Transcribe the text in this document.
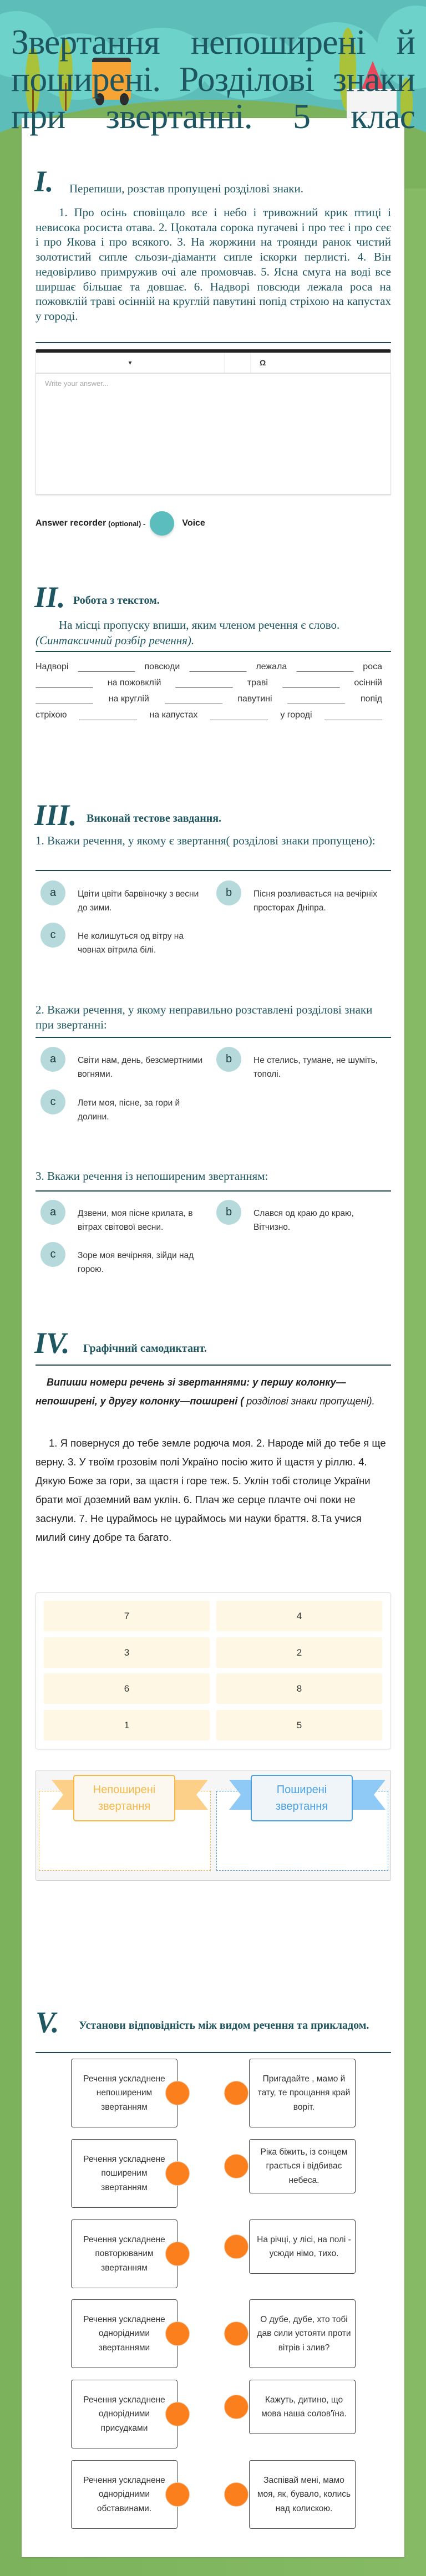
Звертання непоширені й поширені. Розділові знаки при звертанні. 5 клас
I. Перепиши, розстав пропущені розділові знаки.
1. Про осінь сповіщало все і небо і тривожний крик птиці і невисока росиста отава. 2. Цокотала сорока пугачеві і про теє і про сеє і про Якова і про всякого. 3. На жоржини на троянди ранок чистий золотистий сипле сльози-діаманти сипле іскорки перлисті. 4. Він недовірливо примружив очі але промовчав. 5. Ясна смуга на воді все ширшає більшає та довшає. 6. Надворі повсюди лежала роса на пожовклій траві осінній на круглій павутині попід стріхою на капустах у городі.
▾	Ω
Write your answer...
Answer recorder (optional) -	Voice
II. Робота з текстом.
На місці пропуску впиши, яким членом речення є слово. (Синтаксичний розбір речення).
Надворі	повсюди	лежала	роса
на пожовклій	траві	осінній
на круглій	павутині	попід
стріхою	на капустах	у городі
III. Виконай тестове завдання.
1. Вкажи речення, у якому є звертання( розділові знаки пропущено):
a	Цвіти цвіти барвіночку з весни до зими.
b	Пісня розливається на вечірніх просторах Дніпра.
c	Не колишуться од вітру на човнах вітрила білі.
2. Вкажи речення, у якому неправильно розставлені розділові знаки при звертанні:
a	Світи нам, день, безсмертними вогнями.
b	Не стелись, тумане, не шуміть, тополі.
c	Лети моя, пісне, за гори й долини.
3. Вкажи речення із непоширеним звертанням:
a	Дзвени, моя пісне крилата, в вітрах світової весни.
b	Слався од краю до краю, Вітчизно.
c	Зоре моя вечірняя, зійди над горою.
IV. Графічний самодиктант.
Випиши номери речень зі звертаннями: у першу колонку—непоширені, у другу колонку—поширені ( розділові знаки пропущені).
1. Я повернуся до тебе земле родюча моя. 2. Народе мій до тебе я ще верну. 3. У твоїм грозовім полі Україно посію жито й щастя у ріллю. 4. Дякую Боже за гори, за щастя і горе теж. 5. Уклін тобі столице України брати мої доземний вам уклін. 6. Плач же серце плачте очі поки не заснули. 7. Не цураймось не цураймось ми науки браття. 8.Та учися милий сину добре та багато.
7	4
3	2
6	8
1	5
Непоширені звертання
Поширені звертання
V.	Установи відповідність між видом речення та прикладом.
Речення ускладнене непоширеним звертанням
Пригадайте , мамо й тату, те прощання край воріт.
Речення ускладнене поширеним звертанням
Ріка біжить, із сонцем грається і відбиває небеса.
Речення ускладнене повторюваним звертанням
На річці, у лісі, на полі - усюди німо, тихо.
Речення ускладнене однорідними звертаннями
О дубе, дубе, хто тобі дав сили устояти проти вітрів і злив?
Речення ускладнене однорідними присудками
Кажуть, дитино, що мова наша солов'їна.
Речення ускладнене однорідними обставинами.
Заспівай мені, мамо моя, як, бувало, колись над колискою.
